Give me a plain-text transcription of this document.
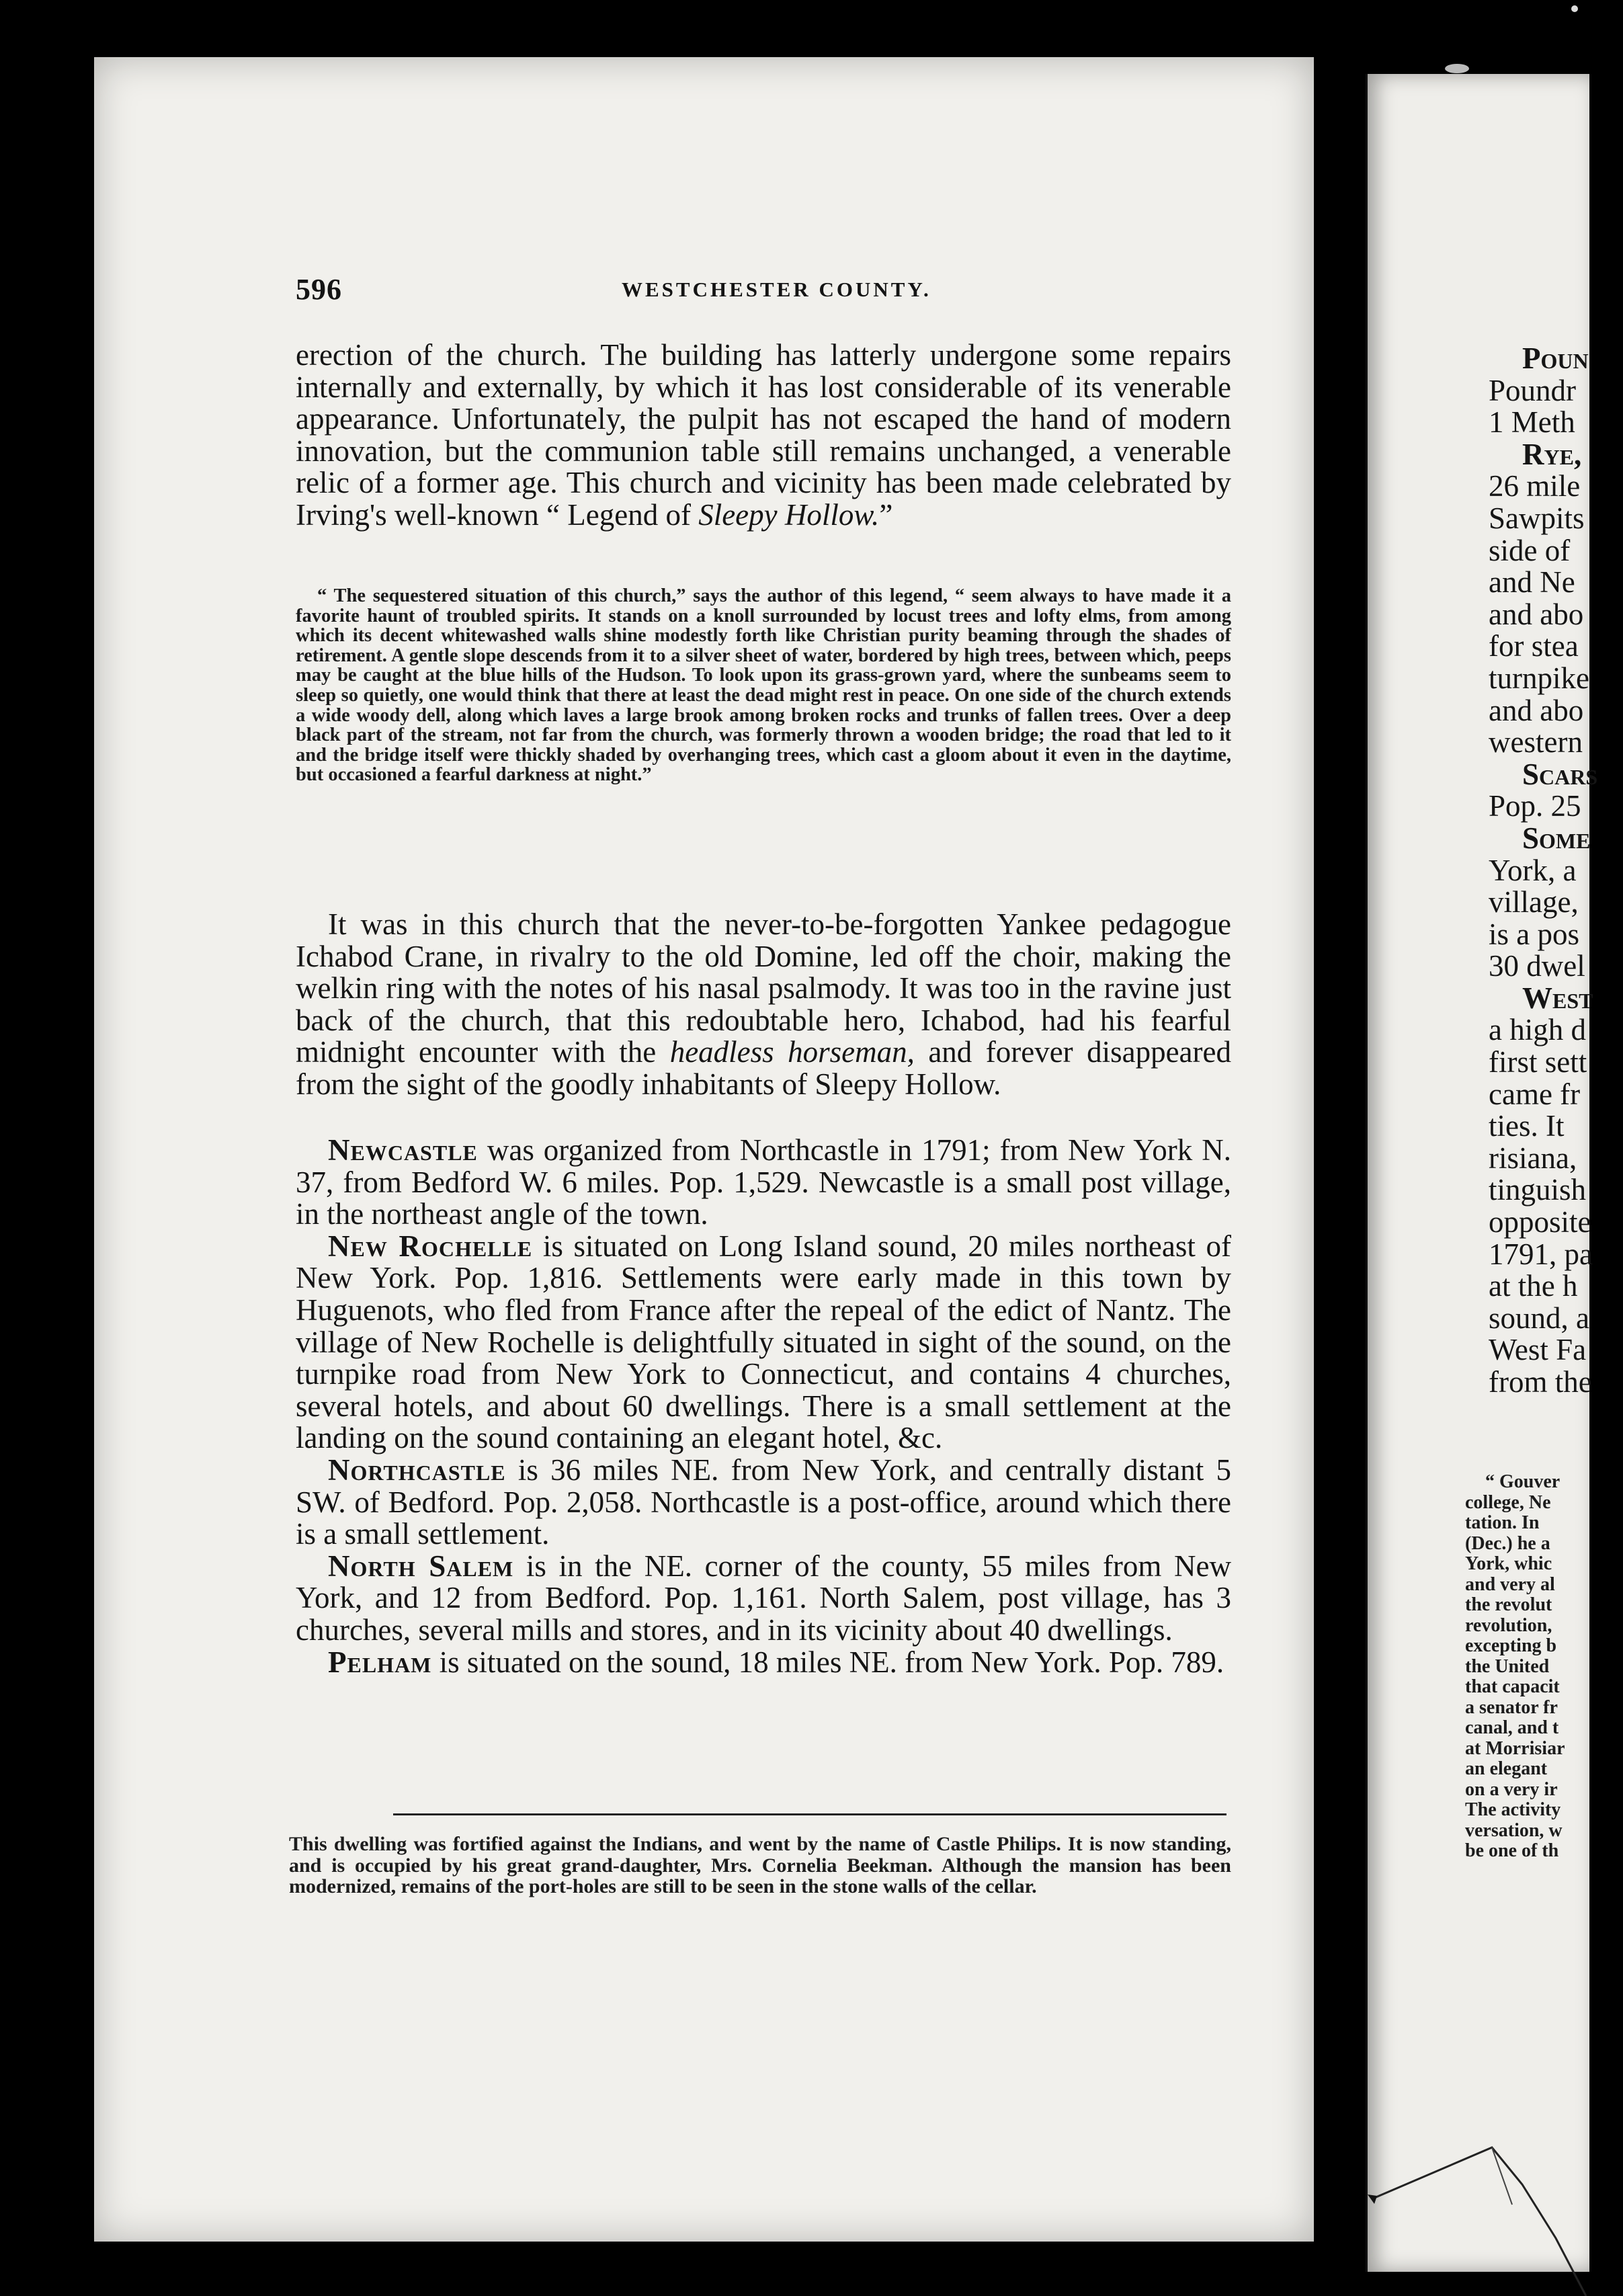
596	WESTCHESTER COUNTY.

erection of the church. The building has latterly undergone some repairs internally and externally, by which it has lost considerable of its venerable appearance. Unfortunately, the pulpit has not escaped the hand of modern innovation, but the communion table still remains unchanged, a venerable relic of a former age. This church and vicinity has been made celebrated by Irving's well-known “ Legend of Sleepy Hollow.”

“ The sequestered situation of this church,” says the author of this legend, “ seem always to have made it a favorite haunt of troubled spirits. It stands on a knoll surrounded by locust trees and lofty elms, from among which its decent whitewashed walls shine modestly forth like Christian purity beaming through the shades of retirement. A gentle slope descends from it to a silver sheet of water, bordered by high trees, between which, peeps may be caught at the blue hills of the Hudson. To look upon its grass-grown yard, where the sunbeams seem to sleep so quietly, one would think that there at least the dead might rest in peace. On one side of the church extends a wide woody dell, along which laves a large brook among broken rocks and trunks of fallen trees. Over a deep black part of the stream, not far from the church, was formerly thrown a wooden bridge; the road that led to it and the bridge itself were thickly shaded by overhanging trees, which cast a gloom about it even in the daytime, but occasioned a fearful darkness at night.”

It was in this church that the never-to-be-forgotten Yankee pedagogue Ichabod Crane, in rivalry to the old Domine, led off the choir, making the welkin ring with the notes of his nasal psalmody. It was too in the ravine just back of the church, that this redoubtable hero, Ichabod, had his fearful midnight encounter with the headless horseman, and forever disappeared from the sight of the goodly inhabitants of Sleepy Hollow.

Newcastle was organized from Northcastle in 1791; from New York N. 37, from Bedford W. 6 miles. Pop. 1,529. Newcastle is a small post village, in the northeast angle of the town.

New Rochelle is situated on Long Island sound, 20 miles northeast of New York. Pop. 1,816. Settlements were early made in this town by Huguenots, who fled from France after the repeal of the edict of Nantz. The village of New Rochelle is delightfully situated in sight of the sound, on the turnpike road from New York to Connecticut, and contains 4 churches, several hotels, and about 60 dwellings. There is a small settlement at the landing on the sound containing an elegant hotel, &c.

Northcastle is 36 miles NE. from New York, and centrally distant 5 SW. of Bedford. Pop. 2,058. Northcastle is a post-office, around which there is a small settlement.

North Salem is in the NE. corner of the county, 55 miles from New York, and 12 from Bedford. Pop. 1,161. North Salem, post village, has 3 churches, several mills and stores, and in its vicinity about 40 dwellings.

Pelham is situated on the sound, 18 miles NE. from New York. Pop. 789.

This dwelling was fortified against the Indians, and went by the name of Castle Philips. It is now standing, and is occupied by his great grand-daughter, Mrs. Cornelia Beekman. Although the mansion has been modernized, remains of the port-holes are still to be seen in the stone walls of the cellar.

Poun
Poundr
1 Meth
Rye,
26 mile
Sawpits
side of
and Ne
and abo
for stea
turnpike
and abo
western
Scars
Pop. 25
Some
York, a
village,
is a pos
30 dwel
West
a high d
first sett
came fr
ties. It
risiana,
tinguish
opposite
1791, pa
at the h
sound, a
West Fa
from the
“ Gouver
college, Ne
tation. In
(Dec.) he a
York, whic
and very al
the revolut
revolution,
excepting b
the United
that capacit
a senator fr
canal, and t
at Morrisiar
an elegant
on a very ir
The activity
versation, w
be one of th
